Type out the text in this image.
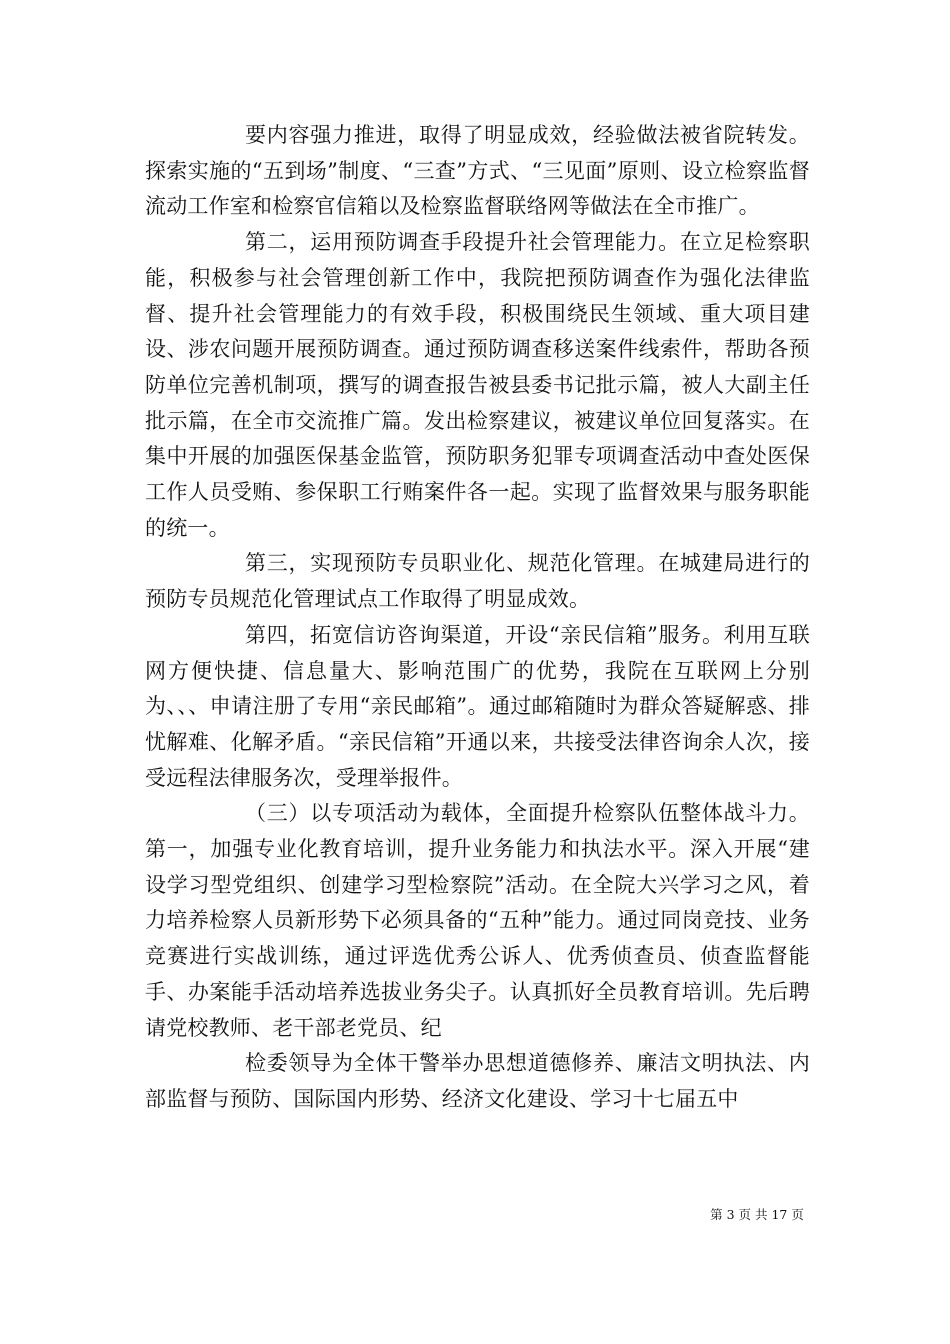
要内容强力推进，取得了明显成效，经验做法被省院转发。探索实施的“五到场”制度、“三查”方式、“三见面”原则、设立检察监督流动工作室和检察官信箱以及检察监督联络网等做法在全市推广。

第二，运用预防调查手段提升社会管理能力。在立足检察职能，积极参与社会管理创新工作中，我院把预防调查作为强化法律监督、提升社会管理能力的有效手段，积极围绕民生领域、重大项目建设、涉农问题开展预防调查。通过预防调查移送案件线索件，帮助各预防单位完善机制项，撰写的调查报告被县委书记批示篇，被人大副主任批示篇，在全市交流推广篇。发出检察建议，被建议单位回复落实。在集中开展的加强医保基金监管，预防职务犯罪专项调查活动中查处医保工作人员受贿、参保职工行贿案件各一起。实现了监督效果与服务职能的统一。

第三，实现预防专员职业化、规范化管理。在城建局进行的预防专员规范化管理试点工作取得了明显成效。

第四，拓宽信访咨询渠道，开设“亲民信箱”服务。利用互联网方便快捷、信息量大、影响范围广的优势，我院在互联网上分别为、、、申请注册了专用“亲民邮箱”。通过邮箱随时为群众答疑解惑、排忧解难、化解矛盾。“亲民信箱”开通以来，共接受法律咨询余人次，接受远程法律服务次，受理举报件。

（三）以专项活动为载体，全面提升检察队伍整体战斗力。第一，加强专业化教育培训，提升业务能力和执法水平。深入开展“建设学习型党组织、创建学习型检察院”活动。在全院大兴学习之风，着力培养检察人员新形势下必须具备的“五种”能力。通过同岗竞技、业务竞赛进行实战训练，通过评选优秀公诉人、优秀侦查员、侦查监督能手、办案能手活动培养选拔业务尖子。认真抓好全员教育培训。先后聘请党校教师、老干部老党员、纪

检委领导为全体干警举办思想道德修养、廉洁文明执法、内部监督与预防、国际国内形势、经济文化建设、学习十七届五中

第 3 页 共 17 页
